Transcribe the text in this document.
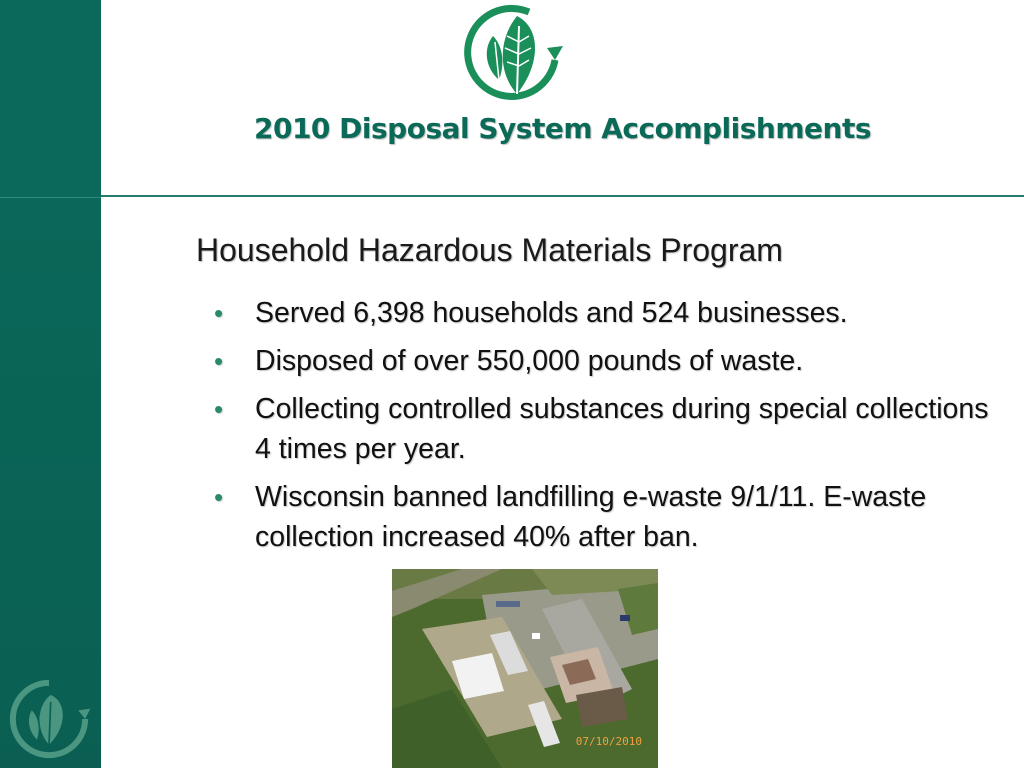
2010 Disposal System Accomplishments
Household Hazardous Materials Program
• Served 6,398 households and 524 businesses.
• Disposed of over 550,000 pounds of waste.
• Collecting controlled substances during special collections 4 times per year.
• Wisconsin banned landfilling e-waste 9/1/11. E-waste collection increased 40% after ban.
07/10/2010
